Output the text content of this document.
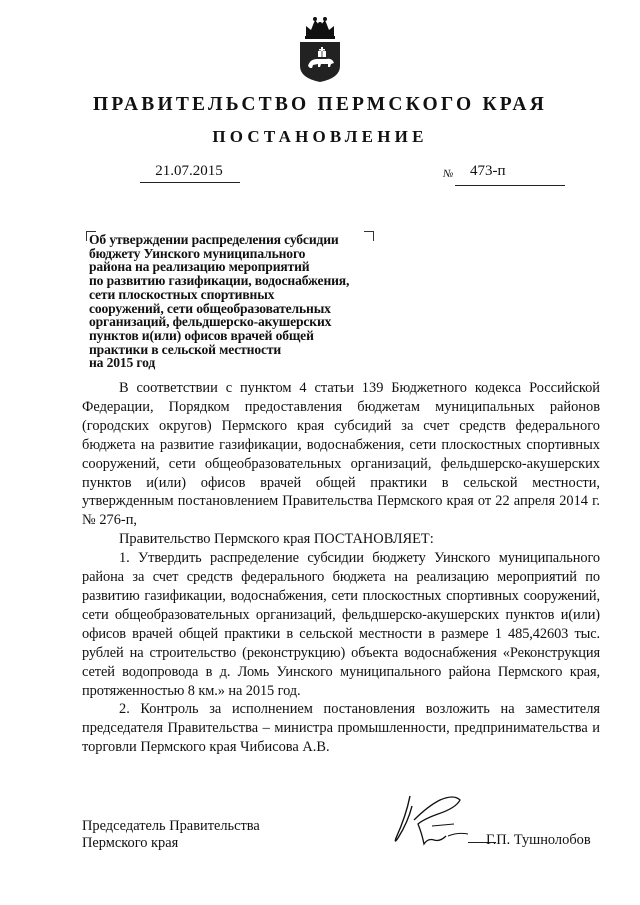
ПРАВИТЕЛЬСТВО ПЕРМСКОГО КРАЯ
ПОСТАНОВЛЕНИЕ
21.07.2015	№ 473-п
Об утверждении распределения субсидии
бюджету Уинского муниципального
района на реализацию мероприятий
по развитию газификации, водоснабжения,
сети плоскостных спортивных
сооружений, сети общеобразовательных
организаций, фельдшерско-акушерских
пунктов и(или) офисов врачей общей
практики в сельской местности
на 2015 год

В соответствии с пунктом 4 статьи 139 Бюджетного кодекса Российской Федерации, Порядком предоставления бюджетам муниципальных районов (городских округов) Пермского края субсидий за счет средств федерального бюджета на развитие газификации, водоснабжения, сети плоскостных спортивных сооружений, сети общеобразовательных организаций, фельдшерско-акушерских пунктов и(или) офисов врачей общей практики в сельской местности, утвержденным постановлением Правительства Пермского края от 22 апреля 2014 г. № 276-п,

Правительство Пермского края ПОСТАНОВЛЯЕТ:

1. Утвердить распределение субсидии бюджету Уинского муниципального района за счет средств федерального бюджета на реализацию мероприятий по развитию газификации, водоснабжения, сети плоскостных спортивных сооружений, сети общеобразовательных организаций, фельдшерско-акушерских пунктов и(или) офисов врачей общей практики в сельской местности в размере 1 485,42603 тыс. рублей на строительство (реконструкцию) объекта водоснабжения «Реконструкция сетей водопровода в д. Ломь Уинского муниципального района Пермского края, протяженностью 8 км.» на 2015 год.

2. Контроль за исполнением постановления возложить на заместителя председателя Правительства – министра промышленности, предпринимательства и торговли Пермского края Чибисова А.В.

Председатель Правительства
Пермского края	Г.П. Тушнолобов
